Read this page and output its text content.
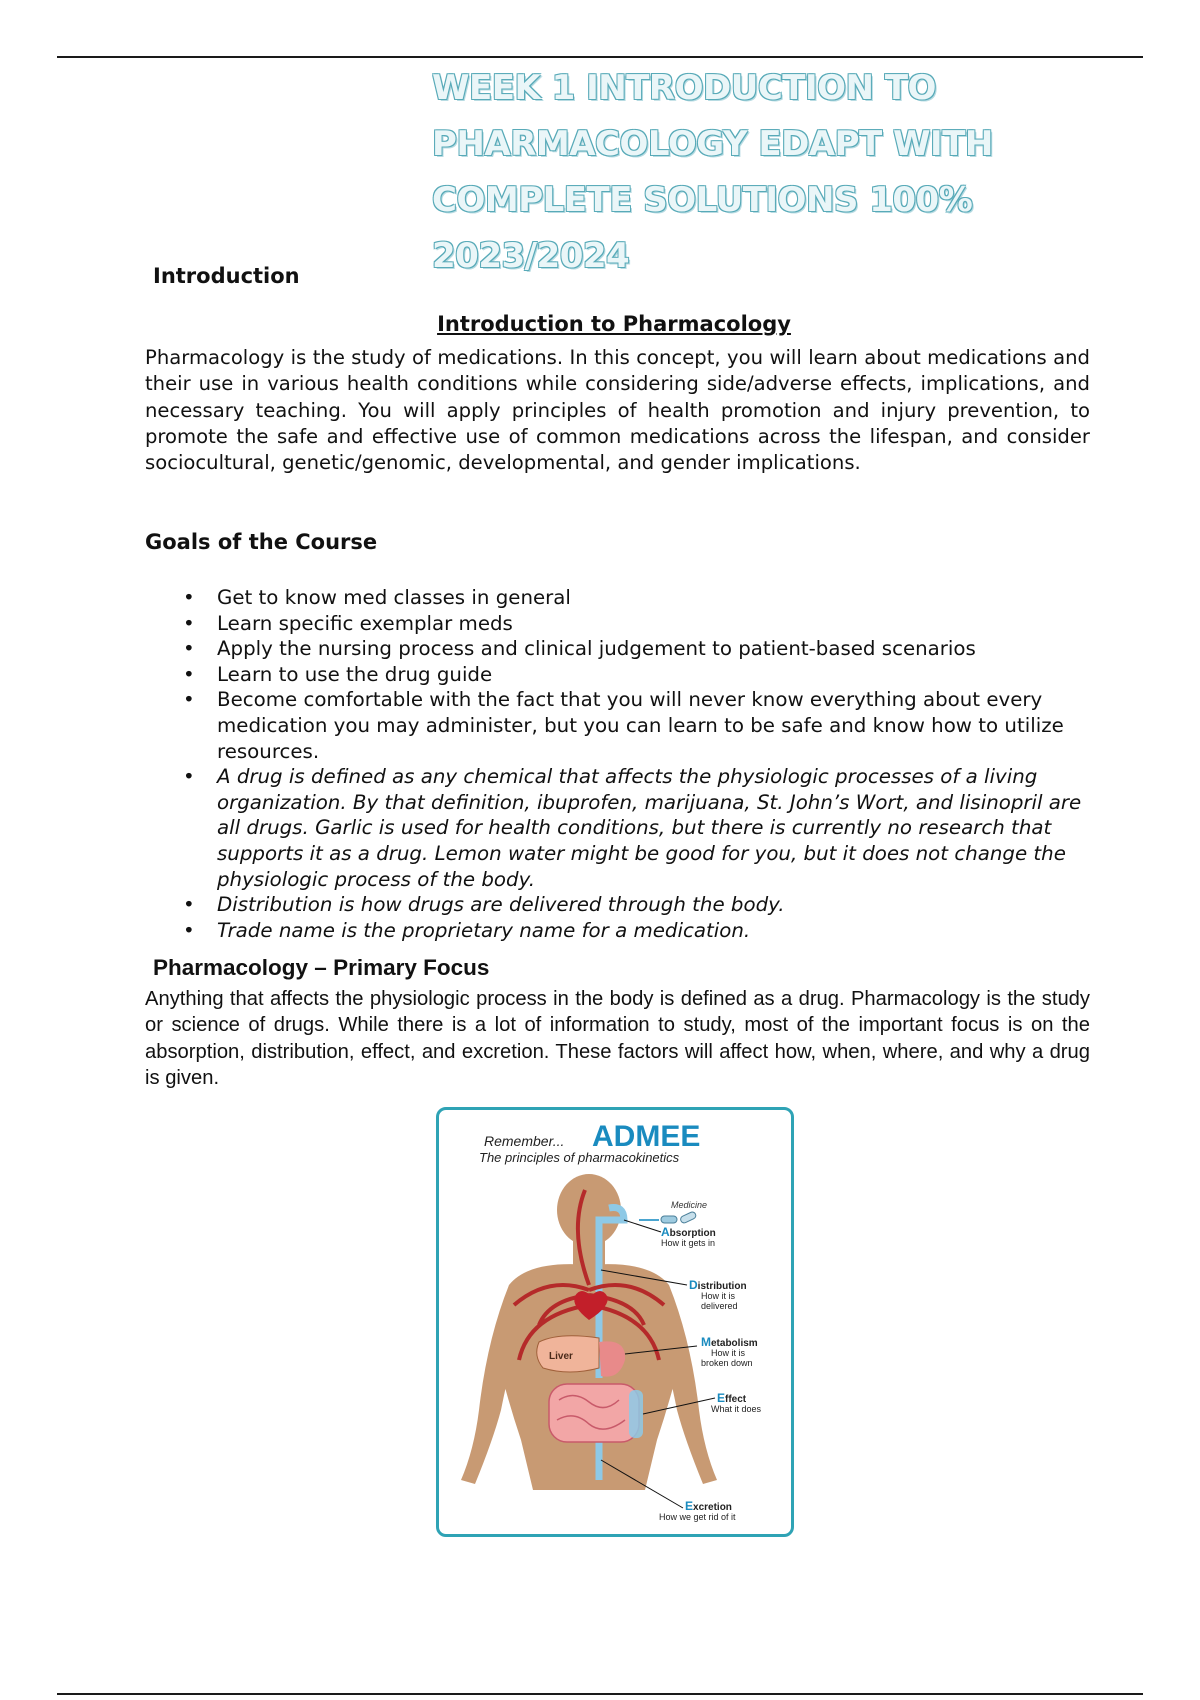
WEEK 1 INTRODUCTION TO
PHARMACOLOGY EDAPT WITH
COMPLETE SOLUTIONS 100%
2023/2024

Introduction

Introduction to Pharmacology

Pharmacology is the study of medications. In this concept, you will learn about medications and their use in various health conditions while considering side/adverse effects, implications, and necessary teaching. You will apply principles of health promotion and injury prevention, to promote the safe and effective use of common medications across the lifespan, and consider sociocultural, genetic/genomic, developmental, and gender implications.

Goals of the Course
• Get to know med classes in general
• Learn specific exemplar meds
• Apply the nursing process and clinical judgement to patient-based scenarios
• Learn to use the drug guide
• Become comfortable with the fact that you will never know everything about every medication you may administer, but you can learn to be safe and know how to utilize resources.
• A drug is defined as any chemical that affects the physiologic processes of a living organization. By that definition, ibuprofen, marijuana, St. John’s Wort, and lisinopril are all drugs. Garlic is used for health conditions, but there is currently no research that supports it as a drug. Lemon water might be good for you, but it does not change the physiologic process of the body.
• Distribution is how drugs are delivered through the body.
• Trade name is the proprietary name for a medication.
Pharmacology – Primary Focus

Anything that affects the physiologic process in the body is defined as a drug. Pharmacology is the study or science of drugs. While there is a lot of information to study, most of the important focus is on the absorption, distribution, effect, and excretion. These factors will affect how, when, where, and why a drug is given.

Remember... ADMEE
The principles of pharmacokinetics
Liver
Medicine
Absorption
How it gets in
Distribution
How it is
delivered
Metabolism
How it is
broken down
Effect
What it does
Excretion
How we get rid of it
